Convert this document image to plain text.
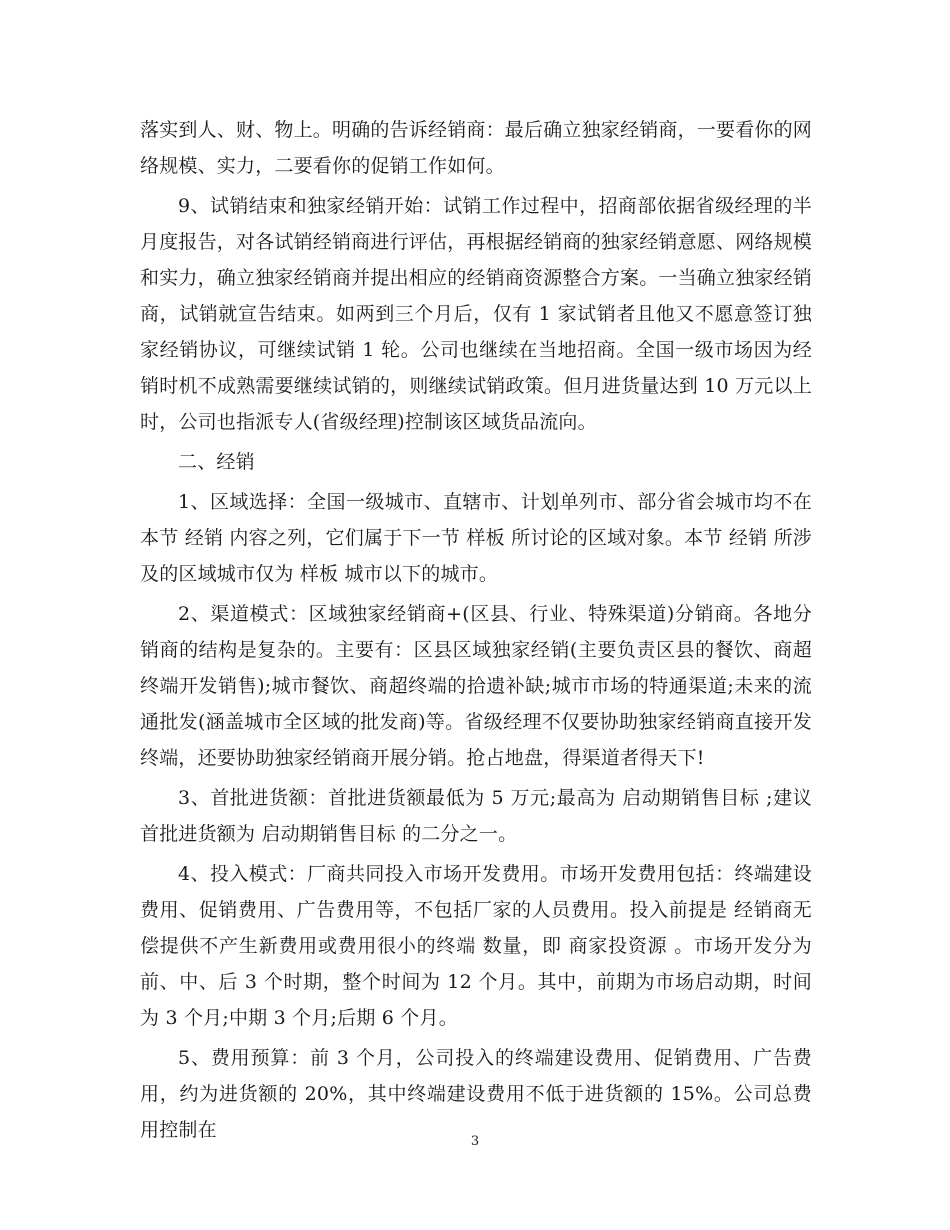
落实到人、财、物上。明确的告诉经销商：最后确立独家经销商，一要看你的网络规模、实力，二要看你的促销工作如何。

9、试销结束和独家经销开始：试销工作过程中，招商部依据省级经理的半月度报告，对各试销经销商进行评估，再根据经销商的独家经销意愿、网络规模和实力，确立独家经销商并提出相应的经销商资源整合方案。一当确立独家经销商，试销就宣告结束。如两到三个月后，仅有 1 家试销者且他又不愿意签订独家经销协议，可继续试销 1 轮。公司也继续在当地招商。全国一级市场因为经销时机不成熟需要继续试销的，则继续试销政策。但月进货量达到 10 万元以上时，公司也指派专人(省级经理)控制该区域货品流向。

二、经销

1、区域选择：全国一级城市、直辖市、计划单列市、部分省会城市均不在本节 经销 内容之列，它们属于下一节 样板 所讨论的区域对象。本节 经销 所涉及的区域城市仅为 样板 城市以下的城市。

2、渠道模式：区域独家经销商+(区县、行业、特殊渠道)分销商。各地分销商的结构是复杂的。主要有：区县区域独家经销(主要负责区县的餐饮、商超终端开发销售);城市餐饮、商超终端的拾遗补缺;城市市场的特通渠道;未来的流通批发(涵盖城市全区域的批发商)等。省级经理不仅要协助独家经销商直接开发终端，还要协助独家经销商开展分销。抢占地盘，得渠道者得天下!

3、首批进货额：首批进货额最低为 5 万元;最高为 启动期销售目标 ;建议首批进货额为 启动期销售目标 的二分之一。

4、投入模式：厂商共同投入市场开发费用。市场开发费用包括：终端建设费用、促销费用、广告费用等，不包括厂家的人员费用。投入前提是 经销商无偿提供不产生新费用或费用很小的终端 数量，即 商家投资源 。市场开发分为前、中、后 3 个时期，整个时间为 12 个月。其中，前期为市场启动期，时间为 3 个月;中期 3 个月;后期 6 个月。

5、费用预算：前 3 个月，公司投入的终端建设费用、促销费用、广告费用，约为进货额的 20%，其中终端建设费用不低于进货额的 15%。公司总费用控制在

3
